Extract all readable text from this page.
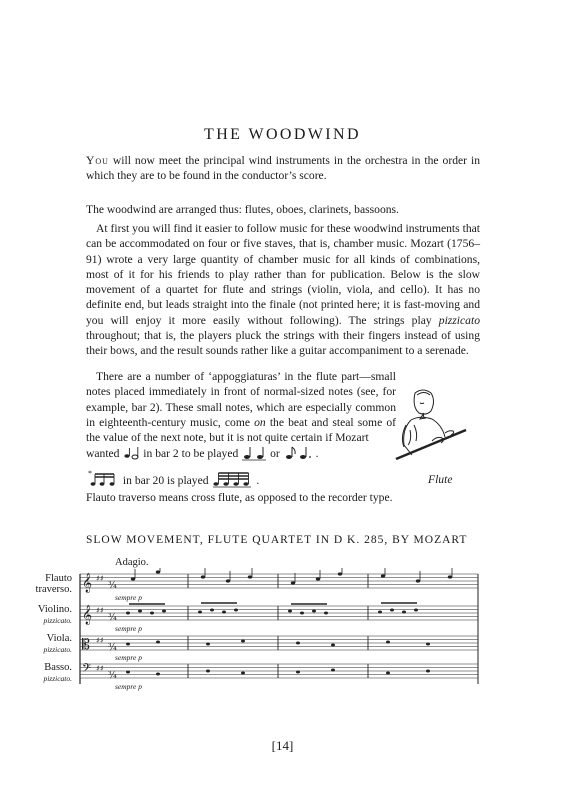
THE WOODWIND

You will now meet the principal wind instruments in the orchestra in the order in which they are to be found in the conductor’s score.

The woodwind are arranged thus: flutes, oboes, clarinets, bassoons.

At first you will find it easier to follow music for these woodwind instruments that can be accommodated on four or five staves, that is, chamber music. Mozart (1756–91) wrote a very large quantity of chamber music for all kinds of combinations, most of it for his friends to play rather than for publication. Below is the slow movement of a quartet for flute and strings (violin, viola, and cello). It has no definite end, but leads straight into the finale (not printed here; it is fast-moving and you will enjoy it more easily without following). The strings play pizzicato throughout; that is, the players pluck the strings with their fingers instead of using their bows, and the result sounds rather like a guitar accompaniment to a serenade.

There are a number of ‘appoggiaturas’ in the flute part—small notes placed immediately in front of normal-sized notes (see, for example, bar 2). These small notes, which are especially common in eighteenth-century music, come on the beat and steal some of the value of the next note, but it is not quite certain if Mozart

wanted in bar 2 to be played	or	.
*
in bar 20 is played	.	Flute
Flauto traverso means cross flute, as opposed to the recorder type.
SLOW MOVEMENT, FLUTE QUARTET IN D K. 285, BY MOZART
Adagio.
Flauto
traverso.
Violino.
pizzicato.
Viola.
pizzicato.
Basso.
pizzicato.
𝄞
𝄞
𝄡
𝄢
♯♯
♯♯
♯♯
♯♯
¾
¾
¾
¾
sempre p
sempre p
sempre p
sempre p
[14]
